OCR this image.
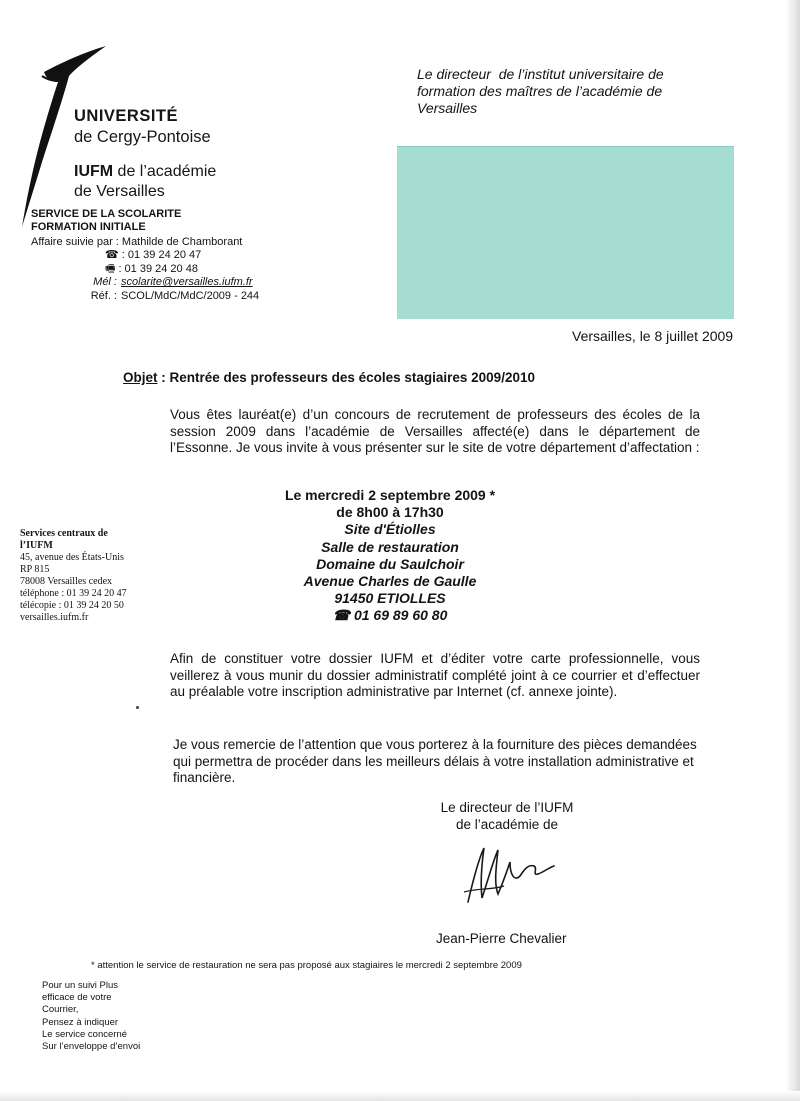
UNIVERSITÉ
de Cergy-Pontoise
IUFM de l’académie
de Versailles
SERVICE DE LA SCOLARITE
FORMATION INITIALE
Affaire suivie par : Mathilde de Chamborant
☎ : 01 39 24 20 47
🖷 : 01 39 24 20 48
Mél : scolarite@versailles.iufm.fr
Réf. : SCOL/MdC/MdC/2009 - 244
Le directeur  de l’institut universitaire de formation des maîtres de l’académie de Versailles
Versailles, le 8 juillet 2009
Objet : Rentrée des professeurs des écoles stagiaires 2009/2010
Vous êtes lauréat(e) d’un concours de recrutement de professeurs des écoles de la session 2009 dans l’académie de Versailles affecté(e) dans le département de l’Essonne. Je vous invite à vous présenter sur le site de votre département d’affectation :
Le mercredi 2 septembre 2009 *
de 8h00 à 17h30
Site d'Étiolles
Salle de restauration
Domaine du Saulchoir
Avenue Charles de Gaulle
91450 ETIOLLES
☎ 01 69 89 60 80
Services centraux de
l’IUFM
45, avenue des États-Unis
RP 815
78008 Versailles cedex
téléphone : 01 39 24 20 47
télécopie : 01 39 24 20 50
versailles.iufm.fr
Afin de constituer votre dossier IUFM et d’éditer votre carte professionnelle, vous veillerez à vous munir du dossier administratif complété joint à ce courrier et d’effectuer au préalable votre inscription administrative par Internet (cf. annexe jointe).
Je vous remercie de l’attention que vous porterez à la fourniture des pièces demandées qui permettra de procéder dans les meilleurs délais à votre installation administrative et financière.
Le directeur de l’IUFM
de l’académie de
Jean-Pierre Chevalier
* attention le service de restauration ne sera pas proposé aux stagiaires le mercredi 2 septembre 2009
Pour un suivi Plus
efficace de votre
Courrier,
Pensez à indiquer
Le service concerné
Sur l’enveloppe d’envoi
